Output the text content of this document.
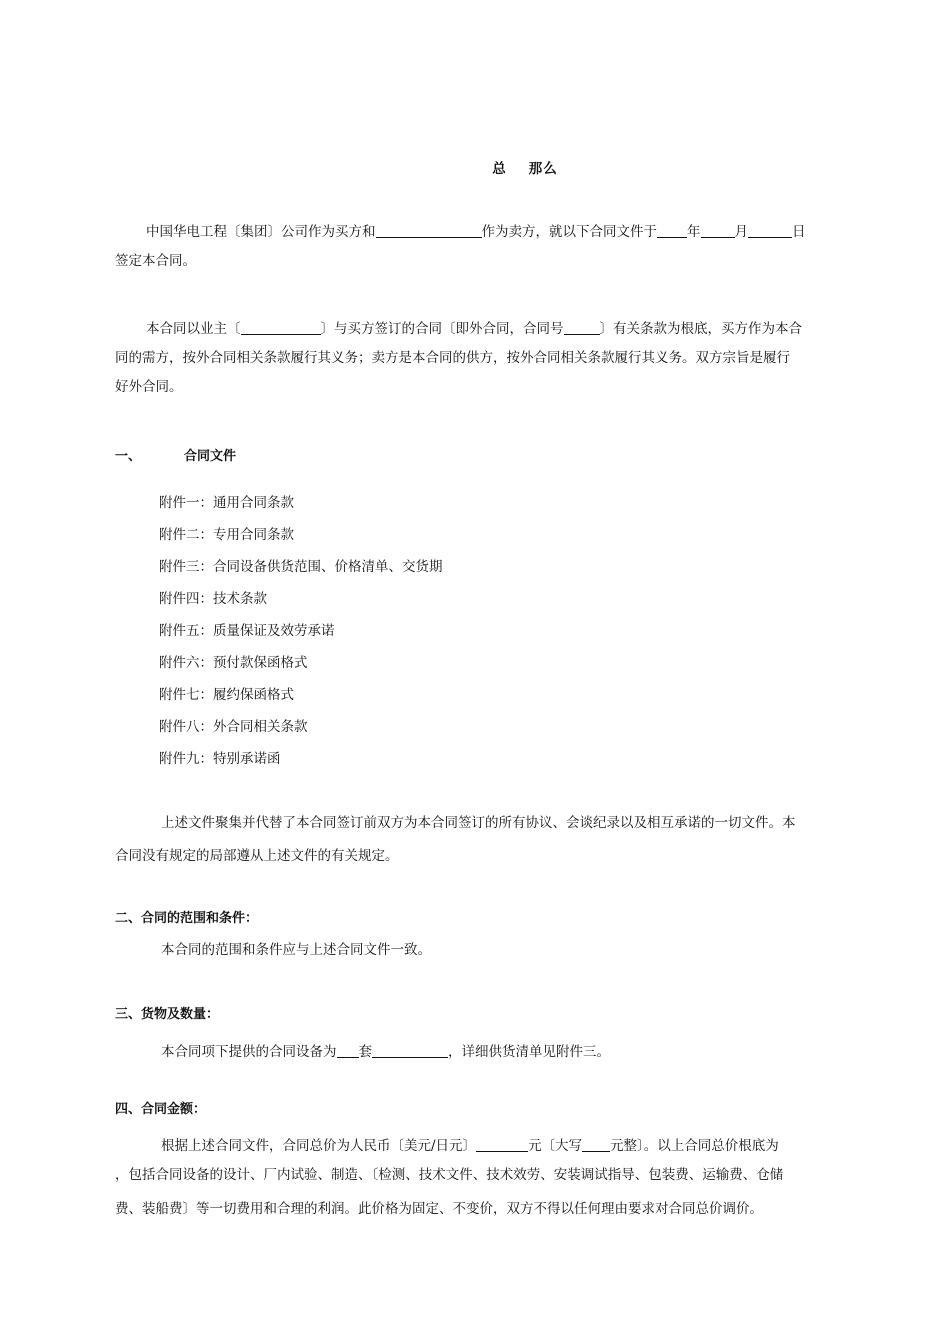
总 那么
中国华电工程〔集团〕公司作为买方和	作为卖方，就以下合同文件于 年	月	日
签定本合同。
本合同以业主〔	〕与买方签订的合同〔即外合同，合同号	〕有关条款为根底，买方作为本合
同的需方，按外合同相关条款履行其义务；卖方是本合同的供方，按外合同相关条款履行其义务。双方宗旨是履行
好外合同。
一、	合同文件
附件一：通用合同条款
附件二：专用合同条款
附件三：合同设备供货范围、价格清单、交货期
附件四：技术条款
附件五：质量保证及效劳承诺
附件六：预付款保函格式
附件七：履约保函格式
附件八：外合同相关条款
附件九：特别承诺函
上述文件聚集并代替了本合同签订前双方为本合同签订的所有协议、会谈纪录以及相互承诺的一切文件。本
合同没有规定的局部遵从上述文件的有关规定。
二、合同的范围和条件：
本合同的范围和条件应与上述合同文件一致。
三、货物及数量：
本合同项下提供的合同设备为 套	，详细供货清单见附件三。
四、合同金额：
根据上述合同文件，合同总价为人民币〔美元/日元〕	元〔大写 元整〕。以上合同总价根底为
，包括合同设备的设计、厂内试验、制造、〔检测、技术文件、技术效劳、安装调试指导、包装费、运输费、仓储
费、装船费〕等一切费用和合理的利润。此价格为固定、不变价，双方不得以任何理由要求对合同总价调价。
